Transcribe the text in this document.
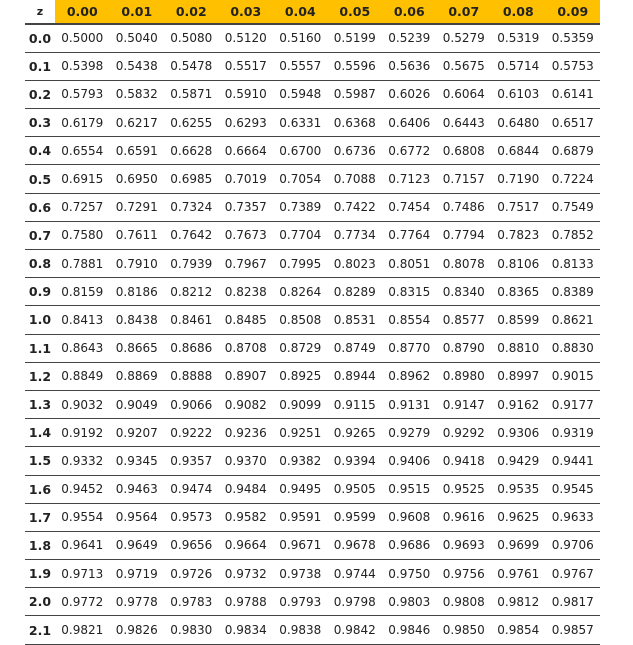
z	0.00	0.01	0.02	0.03	0.04	0.05	0.06	0.07	0.08	0.09
0.0	0.5000	0.5040	0.5080	0.5120	0.5160	0.5199	0.5239	0.5279	0.5319	0.5359
0.1	0.5398	0.5438	0.5478	0.5517	0.5557	0.5596	0.5636	0.5675	0.5714	0.5753
0.2	0.5793	0.5832	0.5871	0.5910	0.5948	0.5987	0.6026	0.6064	0.6103	0.6141
0.3	0.6179	0.6217	0.6255	0.6293	0.6331	0.6368	0.6406	0.6443	0.6480	0.6517
0.4	0.6554	0.6591	0.6628	0.6664	0.6700	0.6736	0.6772	0.6808	0.6844	0.6879
0.5	0.6915	0.6950	0.6985	0.7019	0.7054	0.7088	0.7123	0.7157	0.7190	0.7224
0.6	0.7257	0.7291	0.7324	0.7357	0.7389	0.7422	0.7454	0.7486	0.7517	0.7549
0.7	0.7580	0.7611	0.7642	0.7673	0.7704	0.7734	0.7764	0.7794	0.7823	0.7852
0.8	0.7881	0.7910	0.7939	0.7967	0.7995	0.8023	0.8051	0.8078	0.8106	0.8133
0.9	0.8159	0.8186	0.8212	0.8238	0.8264	0.8289	0.8315	0.8340	0.8365	0.8389
1.0	0.8413	0.8438	0.8461	0.8485	0.8508	0.8531	0.8554	0.8577	0.8599	0.8621
1.1	0.8643	0.8665	0.8686	0.8708	0.8729	0.8749	0.8770	0.8790	0.8810	0.8830
1.2	0.8849	0.8869	0.8888	0.8907	0.8925	0.8944	0.8962	0.8980	0.8997	0.9015
1.3	0.9032	0.9049	0.9066	0.9082	0.9099	0.9115	0.9131	0.9147	0.9162	0.9177
1.4	0.9192	0.9207	0.9222	0.9236	0.9251	0.9265	0.9279	0.9292	0.9306	0.9319
1.5	0.9332	0.9345	0.9357	0.9370	0.9382	0.9394	0.9406	0.9418	0.9429	0.9441
1.6	0.9452	0.9463	0.9474	0.9484	0.9495	0.9505	0.9515	0.9525	0.9535	0.9545
1.7	0.9554	0.9564	0.9573	0.9582	0.9591	0.9599	0.9608	0.9616	0.9625	0.9633
1.8	0.9641	0.9649	0.9656	0.9664	0.9671	0.9678	0.9686	0.9693	0.9699	0.9706
1.9	0.9713	0.9719	0.9726	0.9732	0.9738	0.9744	0.9750	0.9756	0.9761	0.9767
2.0	0.9772	0.9778	0.9783	0.9788	0.9793	0.9798	0.9803	0.9808	0.9812	0.9817
2.1	0.9821	0.9826	0.9830	0.9834	0.9838	0.9842	0.9846	0.9850	0.9854	0.9857
